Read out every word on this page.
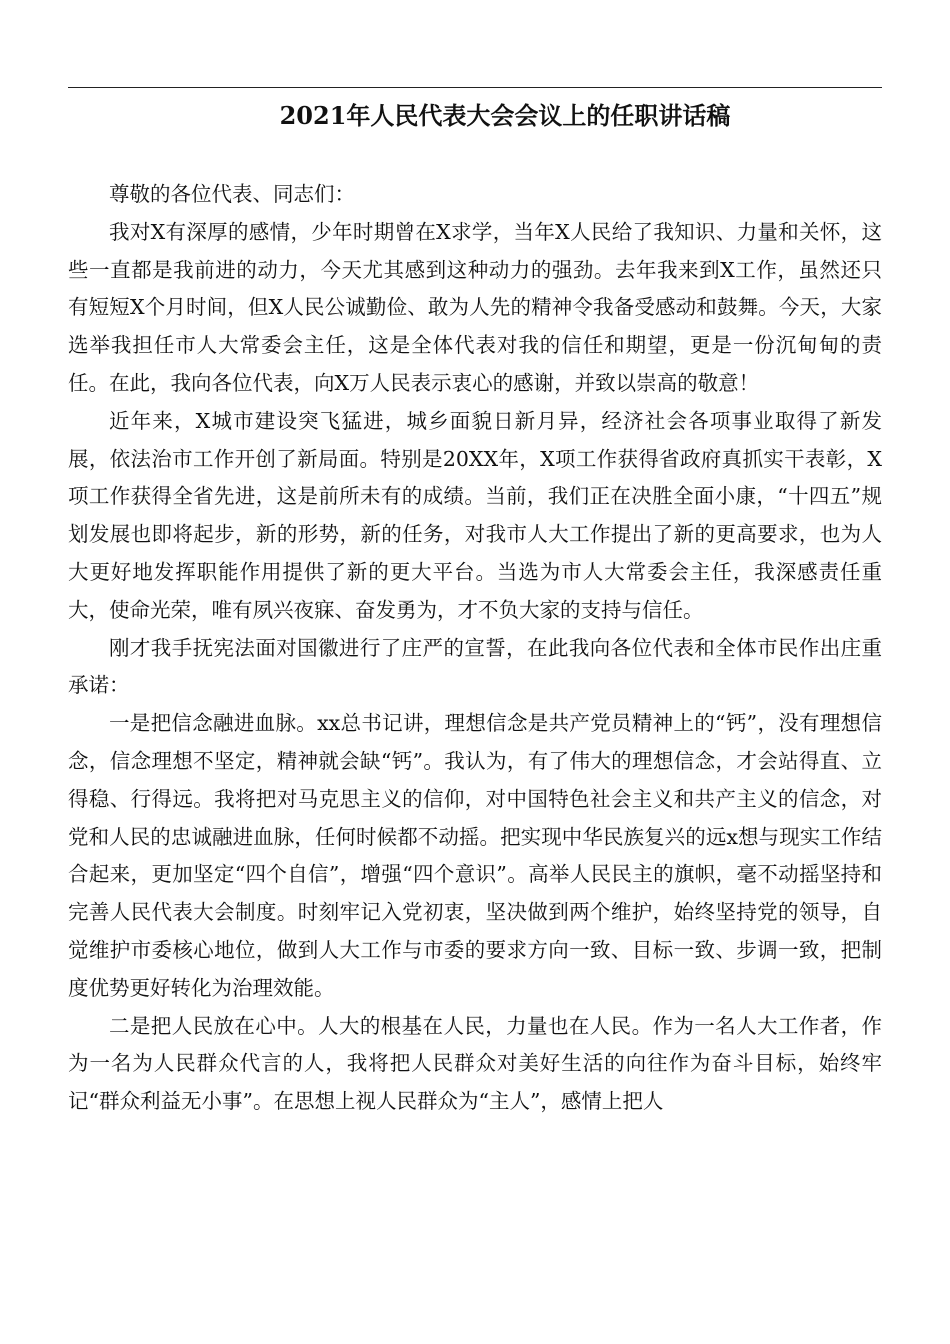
2021年人民代表大会会议上的任职讲话稿

尊敬的各位代表、同志们：

我对X有深厚的感情，少年时期曾在X求学，当年X人民给了我知识、力量和关怀，这些一直都是我前进的动力，今天尤其感到这种动力的强劲。去年我来到X工作，虽然还只有短短X个月时间，但X人民公诚勤俭、敢为人先的精神令我备受感动和鼓舞。今天，大家选举我担任市人大常委会主任，这是全体代表对我的信任和期望，更是一份沉甸甸的责任。在此，我向各位代表，向X万人民表示衷心的感谢，并致以崇高的敬意！

近年来，X城市建设突飞猛进，城乡面貌日新月异，经济社会各项事业取得了新发展，依法治市工作开创了新局面。特别是20XX年，X项工作获得省政府真抓实干表彰，X项工作获得全省先进，这是前所未有的成绩。当前，我们正在决胜全面小康，“十四五”规划发展也即将起步，新的形势，新的任务，对我市人大工作提出了新的更高要求，也为人大更好地发挥职能作用提供了新的更大平台。当选为市人大常委会主任，我深感责任重大，使命光荣，唯有夙兴夜寐、奋发勇为，才不负大家的支持与信任。

刚才我手抚宪法面对国徽进行了庄严的宣誓，在此我向各位代表和全体市民作出庄重承诺：

一是把信念融进血脉。xx总书记讲，理想信念是共产党员精神上的“钙”，没有理想信念，信念理想不坚定，精神就会缺“钙”。我认为，有了伟大的理想信念，才会站得直、立得稳、行得远。我将把对马克思主义的信仰，对中国特色社会主义和共产主义的信念，对党和人民的忠诚融进血脉，任何时候都不动摇。把实现中华民族复兴的远x想与现实工作结合起来，更加坚定“四个自信”，增强“四个意识”。高举人民民主的旗帜，毫不动摇坚持和完善人民代表大会制度。时刻牢记入党初衷，坚决做到两个维护，始终坚持党的领导，自觉维护市委核心地位，做到人大工作与市委的要求方向一致、目标一致、步调一致，把制度优势更好转化为治理效能。

二是把人民放在心中。人大的根基在人民，力量也在人民。作为一名人大工作者，作为一名为人民群众代言的人，我将把人民群众对美好生活的向往作为奋斗目标，始终牢记“群众利益无小事”。在思想上视人民群众为“主人”，感情上把人
